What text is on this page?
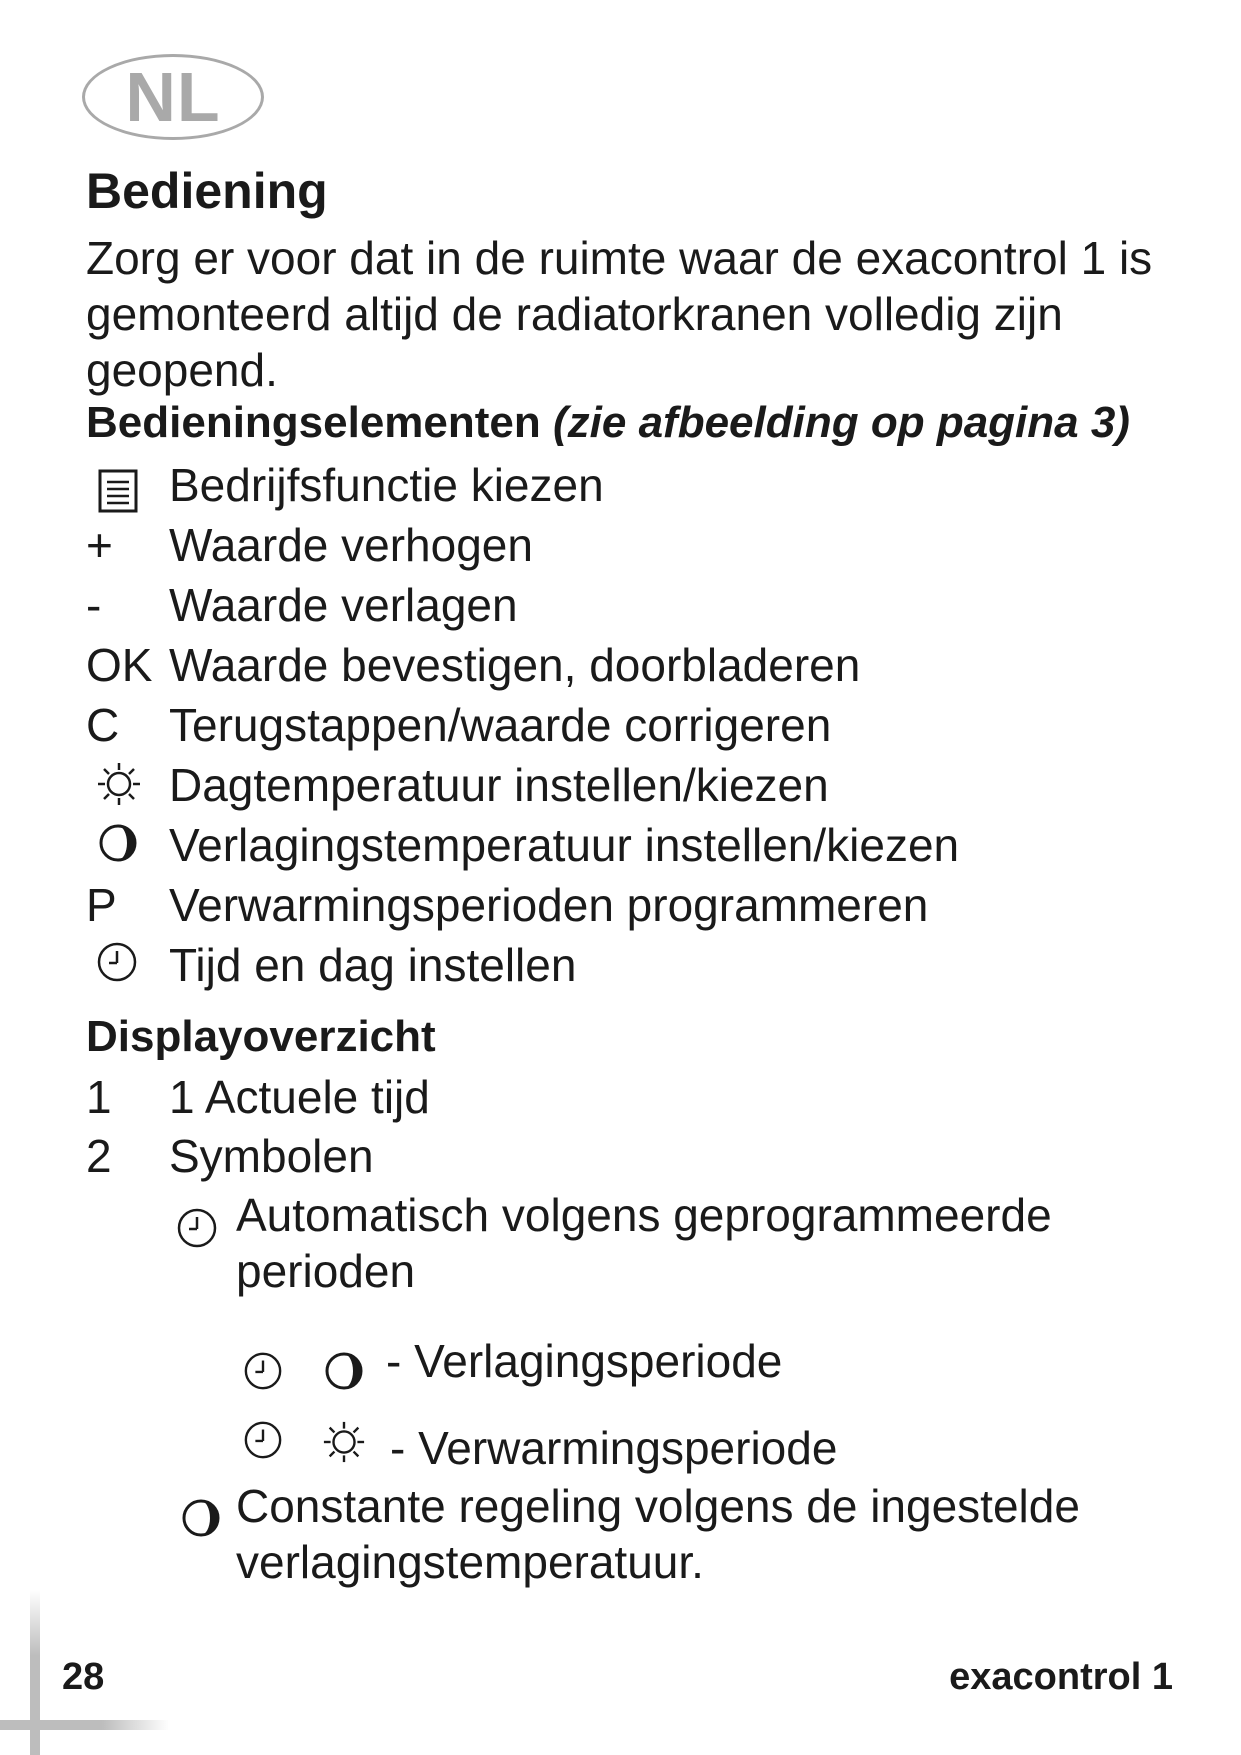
NL
Bediening
Zorg er voor dat in de ruimte waar de exacontrol 1 is gemonteerd altijd de radiatorkranen volledig zijn geopend.
Bedieningselementen (zie afbeelding op pagina 3)
Bedrijfsfunctie kiezen
+	Waarde verhogen
-	Waarde verlagen
OK Waarde bevestigen, doorbladeren
C	Terugstappen/waarde corrigeren
Dagtemperatuur instellen/kiezen
Verlagingstemperatuur instellen/kiezen
P	Verwarmingsperioden programmeren
Tijd en dag instellen
Displayoverzicht
1	1 Actuele tijd
2	Symbolen
Automatisch volgens geprogrammeerde perioden
- Verlagingsperiode
- Verwarmingsperiode
Constante regeling volgens de ingestelde verlagingstemperatuur.
28	exacontrol 1
